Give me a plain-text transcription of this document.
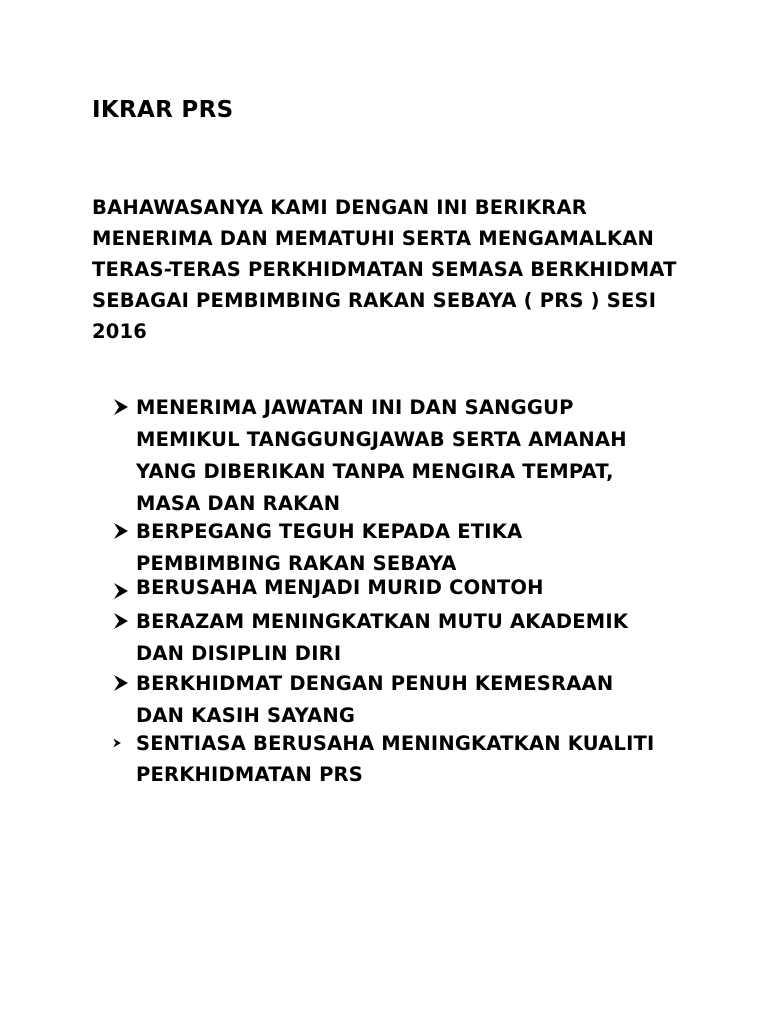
IKRAR PRS

BAHAWASANYA KAMI DENGAN INI BERIKRAR MENERIMA DAN MEMATUHI SERTA MENGAMALKAN TERAS-TERAS PERKHIDMATAN SEMASA BERKHIDMAT SEBAGAI PEMBIMBING RAKAN SEBAYA ( PRS ) SESI 2016

MENERIMA JAWATAN INI DAN SANGGUP MEMIKUL TANGGUNGJAWAB SERTA AMANAH YANG DIBERIKAN TANPA MENGIRA TEMPAT, MASA DAN RAKAN
BERPEGANG TEGUH KEPADA ETIKA PEMBIMBING RAKAN SEBAYA
BERUSAHA MENJADI MURID CONTOH
BERAZAM MENINGKATKAN MUTU AKADEMIK DAN DISIPLIN DIRI
BERKHIDMAT DENGAN PENUH KEMESRAAN DAN KASIH SAYANG
SENTIASA BERUSAHA MENINGKATKAN KUALITI PERKHIDMATAN PRS
